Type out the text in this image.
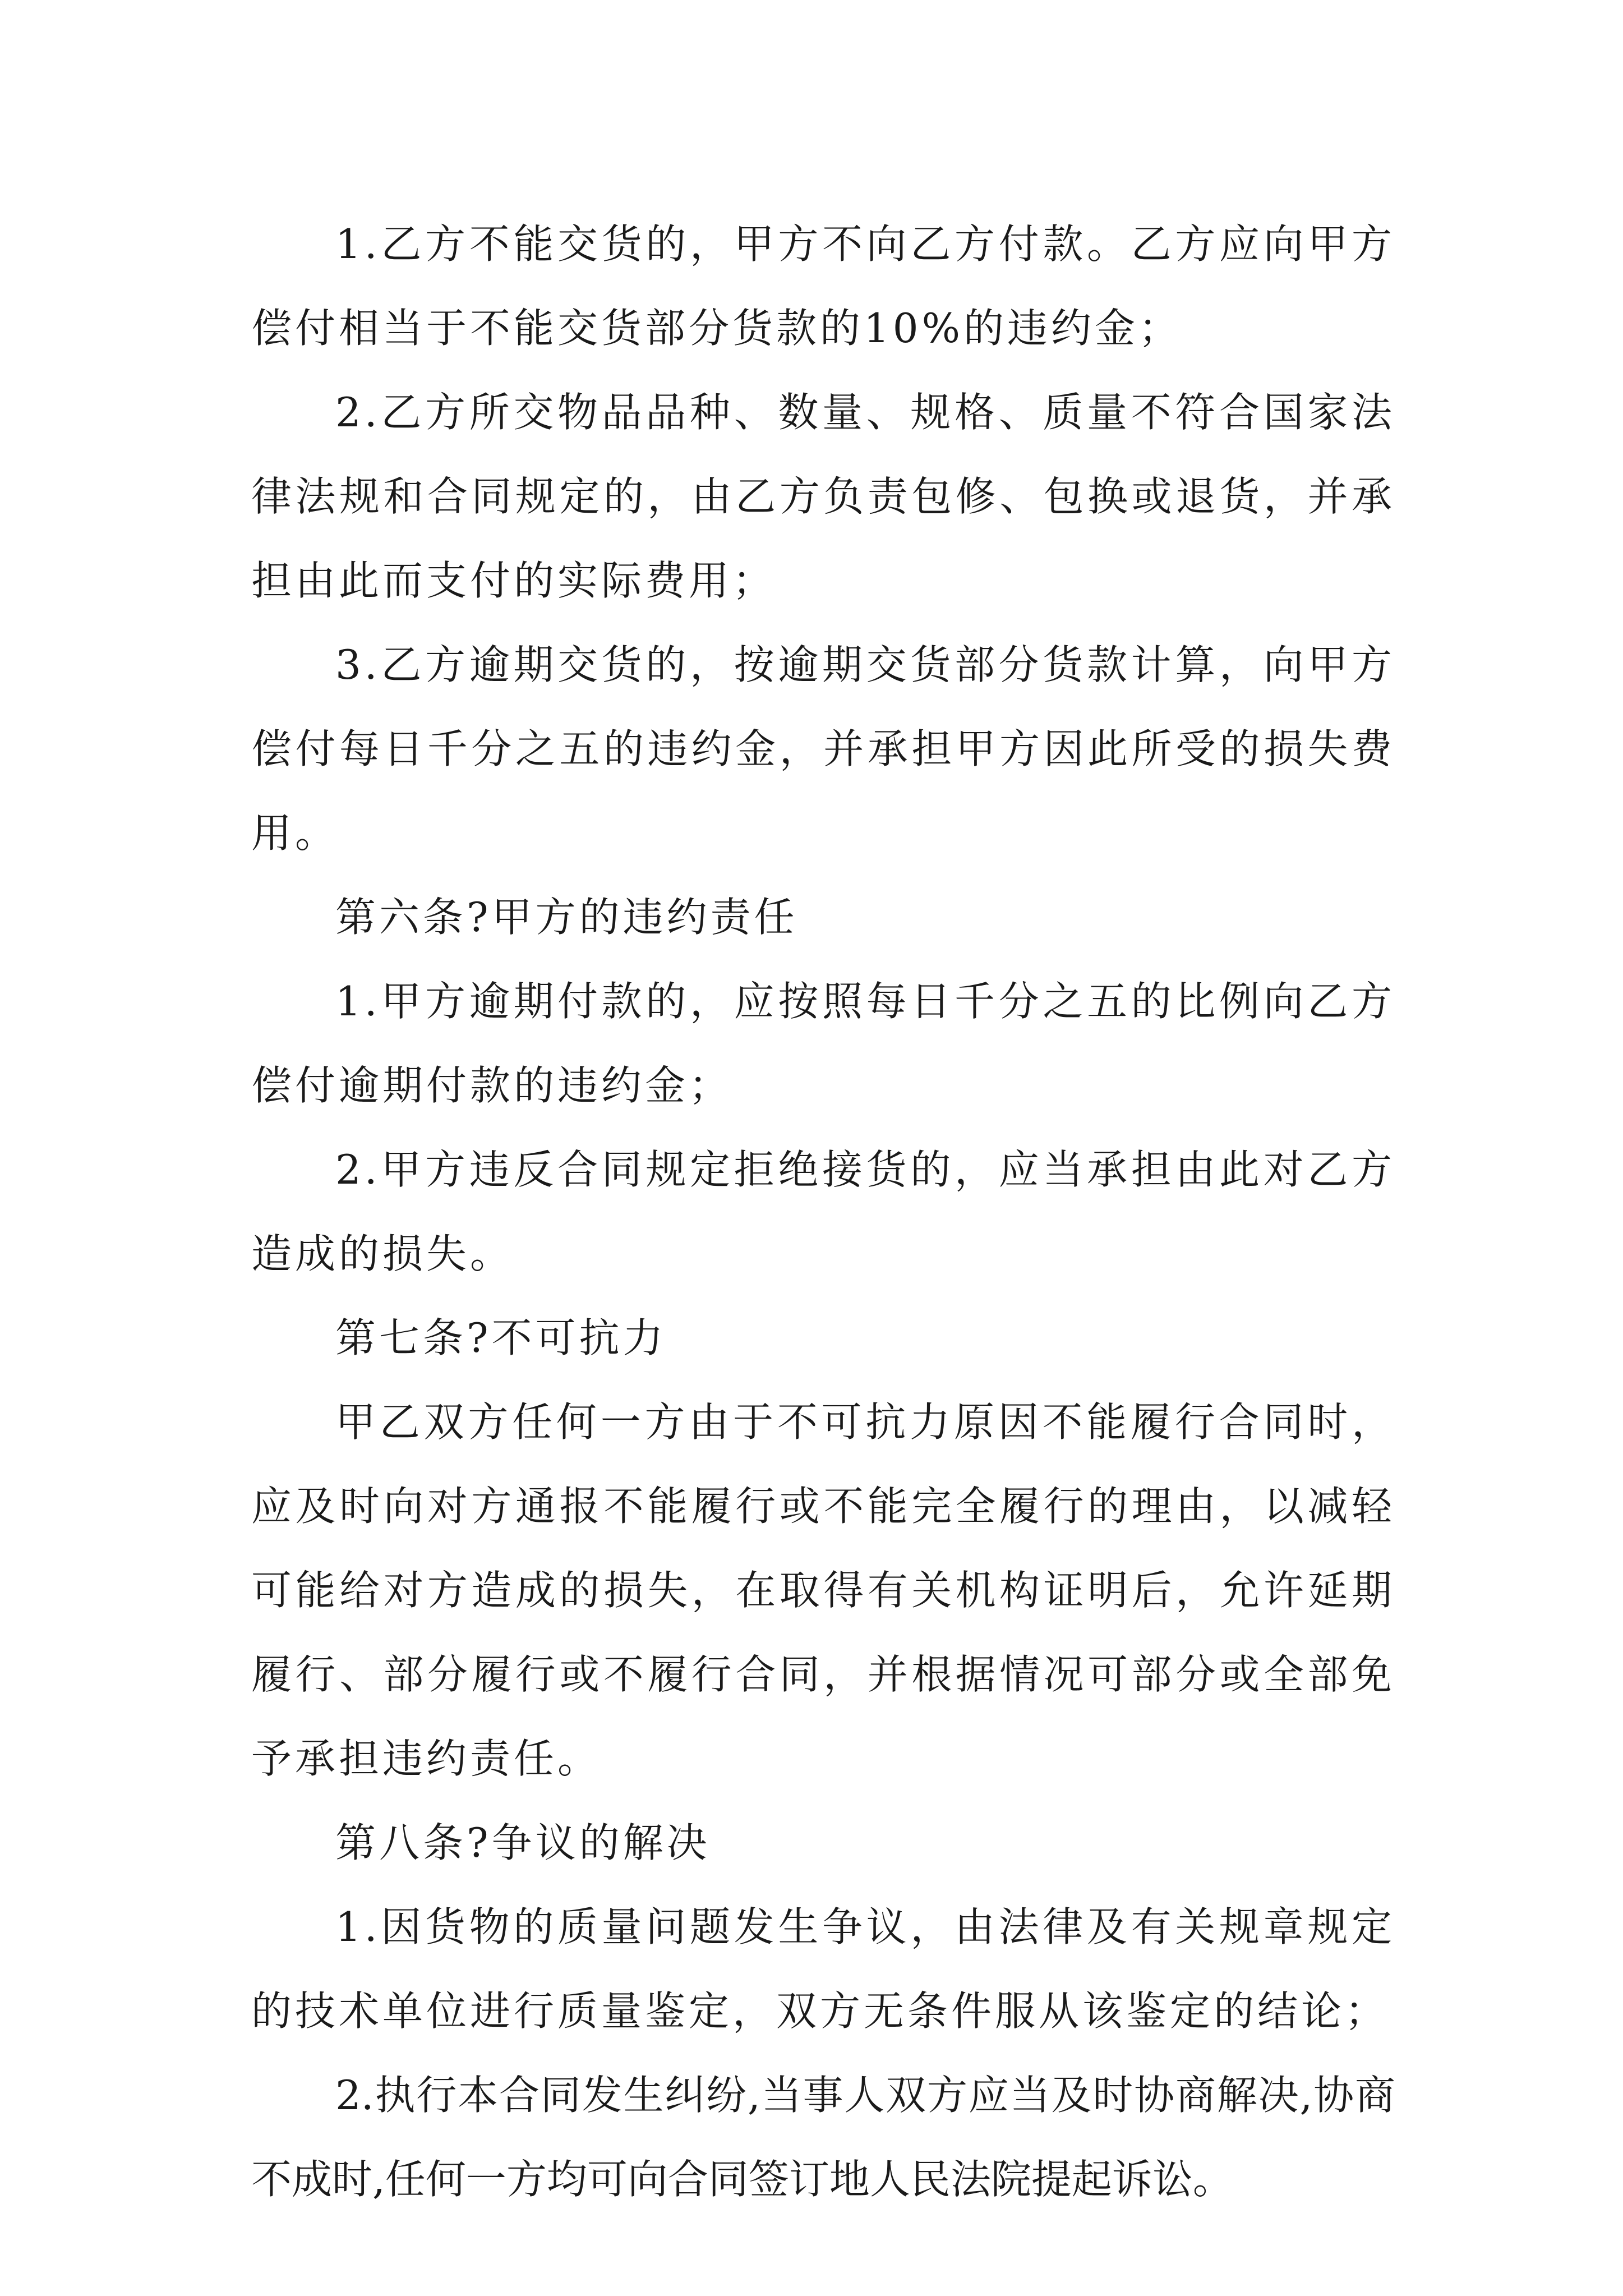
1.乙方不能交货的，甲方不向乙方付款。乙方应向甲方偿付相当于不能交货部分货款的10%的违约金；

2.乙方所交物品品种、数量、规格、质量不符合国家法律法规和合同规定的，由乙方负责包修、包换或退货，并承担由此而支付的实际费用；

3.乙方逾期交货的，按逾期交货部分货款计算，向甲方偿付每日千分之五的违约金，并承担甲方因此所受的损失费用。

第六条?甲方的违约责任

1.甲方逾期付款的，应按照每日千分之五的比例向乙方偿付逾期付款的违约金；

2.甲方违反合同规定拒绝接货的，应当承担由此对乙方造成的损失。

第七条?不可抗力

甲乙双方任何一方由于不可抗力原因不能履行合同时，应及时向对方通报不能履行或不能完全履行的理由，以减轻可能给对方造成的损失，在取得有关机构证明后，允许延期履行、部分履行或不履行合同，并根据情况可部分或全部免予承担违约责任。

第八条?争议的解决

1.因货物的质量问题发生争议，由法律及有关规章规定的技术单位进行质量鉴定，双方无条件服从该鉴定的结论；

2.执行本合同发生纠纷,当事人双方应当及时协商解决,协商不成时,任何一方均可向合同签订地人民法院提起诉讼。
